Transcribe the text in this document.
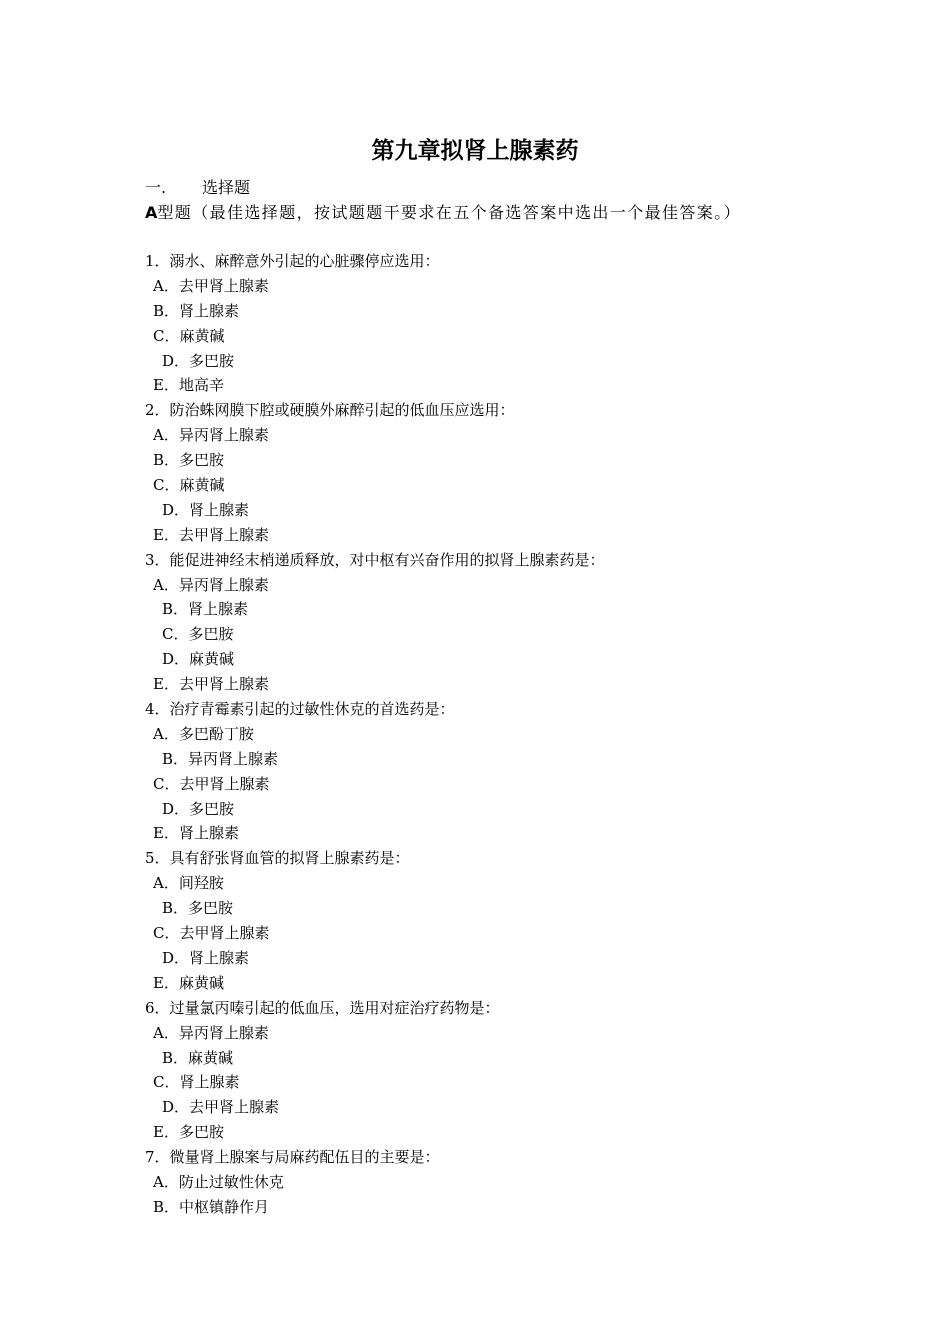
第九章拟肾上腺素药
一. 选择题

A型题（最佳选择题，按试题题干要求在五个备选答案中选出一个最佳答案。）

1．溺水、麻醉意外引起的心脏骤停应选用：
A．去甲肾上腺素
B．肾上腺素
C．麻黄碱
D．多巴胺
E．地高辛
2．防治蛛网膜下腔或硬膜外麻醉引起的低血压应选用：
A．异丙肾上腺素
B．多巴胺
C．麻黄碱
D．肾上腺素
E．去甲肾上腺素
3．能促进神经末梢递质释放，对中枢有兴奋作用的拟肾上腺素药是：
A．异丙肾上腺素
B．肾上腺素
C．多巴胺
D．麻黄碱
E．去甲肾上腺素
4．治疗青霉素引起的过敏性休克的首选药是：
A．多巴酚丁胺
B．异丙肾上腺素
C．去甲肾上腺素
D．多巴胺
E．肾上腺素
5．具有舒张肾血管的拟肾上腺素药是：
A．间羟胺
B．多巴胺
C．去甲肾上腺素
D．肾上腺素
E．麻黄碱
6．过量氯丙嗪引起的低血压，选用对症治疗药物是：
A．异丙肾上腺素
B．麻黄碱
C．肾上腺素
D．去甲肾上腺素
E．多巴胺
7．微量肾上腺案与局麻药配伍目的主要是：
A．防止过敏性休克
B．中枢镇静作月
